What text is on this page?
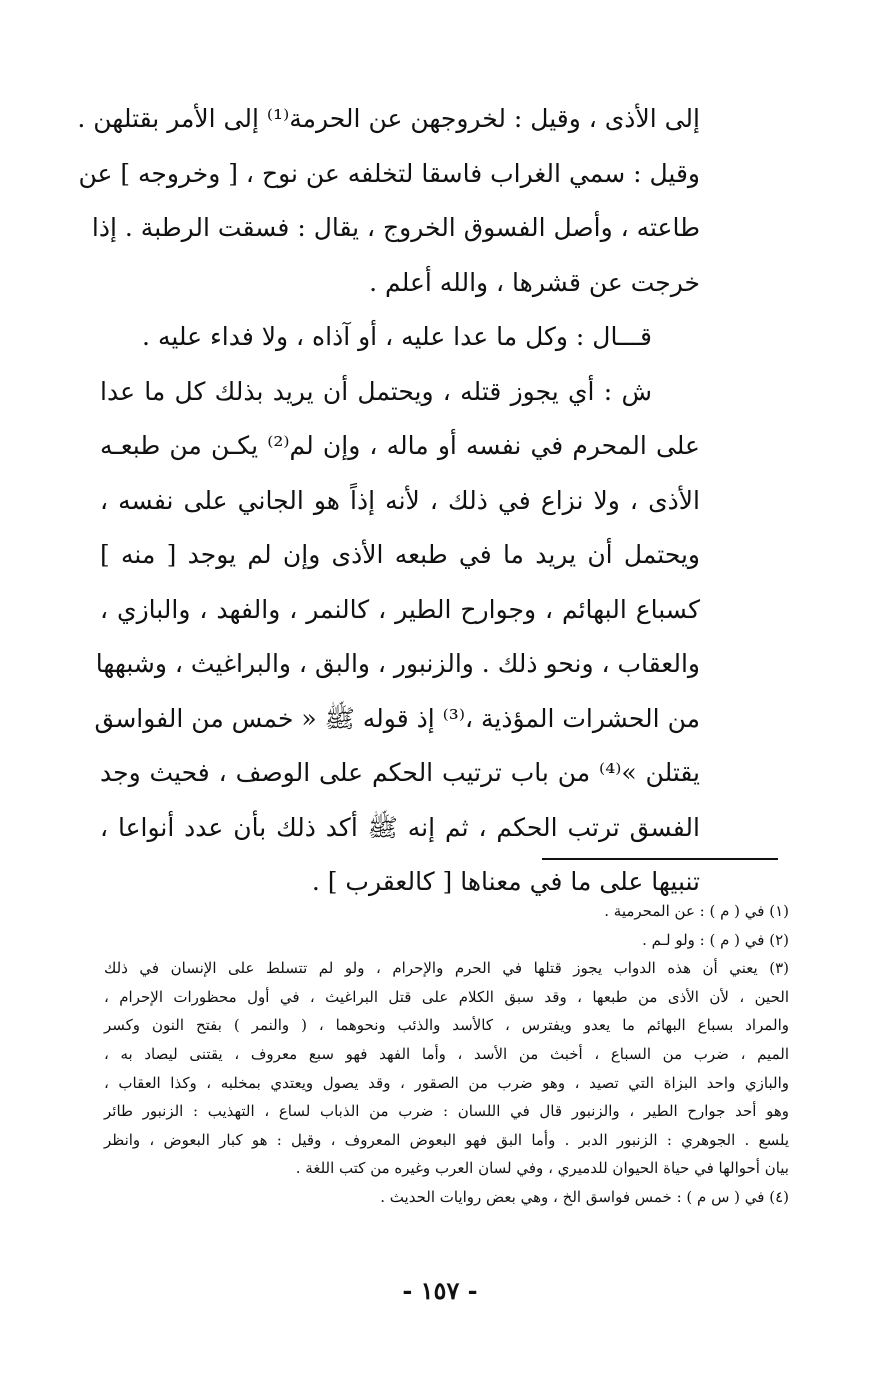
إلى الأذى ، وقيل : لخروجهن عن الحرمة⁽¹⁾ إلى الأمر بقتلهن .
وقيل : سمي الغراب فاسقا لتخلفه عن نوح ، [ وخروجه ] عن
طاعته ، وأصل الفسوق الخروج ، يقال : فسقت الرطبة . إذا
خرجت عن قشرها ، والله أعلم .
قـــال : وكل ما عدا عليه ، أو آذاه ، ولا فداء عليه .
ش : أي يجوز قتله ، ويحتمل أن يريد بذلك كل ما عدا
على المحرم في نفسه أو ماله ، وإن لم⁽²⁾ يكـن من طبعـه
الأذى ، ولا نزاع في ذلك ، لأنه إذاً هو الجاني على نفسه ،
ويحتمل أن يريد ما في طبعه الأذى وإن لم يوجد [ منه ]
كسباع البهائم ، وجوارح الطير ، كالنمر ، والفهد ، والبازي ،
والعقاب ، ونحو ذلك . والزنبور ، والبق ، والبراغيث ، وشبهها
من الحشرات المؤذية ،⁽³⁾ إذ قوله ﷺ « خمس من الفواسق
يقتلن »⁽⁴⁾ من باب ترتيب الحكم على الوصف ، فحيث وجد
الفسق ترتب الحكم ، ثم إنه ﷺ أكد ذلك بأن عدد أنواعا ،
تنبيها على ما في معناها [ كالعقرب ] .
(١) في ( م ) : عن المحرمية .
(٢) في ( م ) : ولو لـم .
(٣) يعني أن هذه الدواب يجوز قتلها في الحرم والإحرام ، ولو لم تتسلط على الإنسان في ذلك
الحين ، لأن الأذى من طبعها ، وقد سبق الكلام على قتل البراغيث ، في أول محظورات الإحرام ،
والمراد بسباع البهائم ما يعدو ويفترس ، كالأسد والذئب ونحوهما ، ( والنمر ) بفتح النون وكسر
الميم ، ضرب من السباع ، أخبث من الأسد ، وأما الفهد فهو سبع معروف ، يقتنى ليصاد به ،
والبازي واحد البزاة التي تصيد ، وهو ضرب من الصقور ، وقد يصول ويعتدي بمخلبه ، وكذا العقاب ،
وهو أحد جوارح الطير ، والزنبور قال في اللسان : ضرب من الذباب لساع ، التهذيب : الزنبور طائر
يلسع . الجوهري : الزنبور الدبر . وأما البق فهو البعوض المعروف ، وقيل : هو كبار البعوض ، وانظر
بيان أحوالها في حياة الحيوان للدميري ، وفي لسان العرب وغيره من كتب اللغة .
(٤) في ( س م ) : خمس فواسق الخ ، وهي بعض روايات الحديث .
- ١٥٧ -
